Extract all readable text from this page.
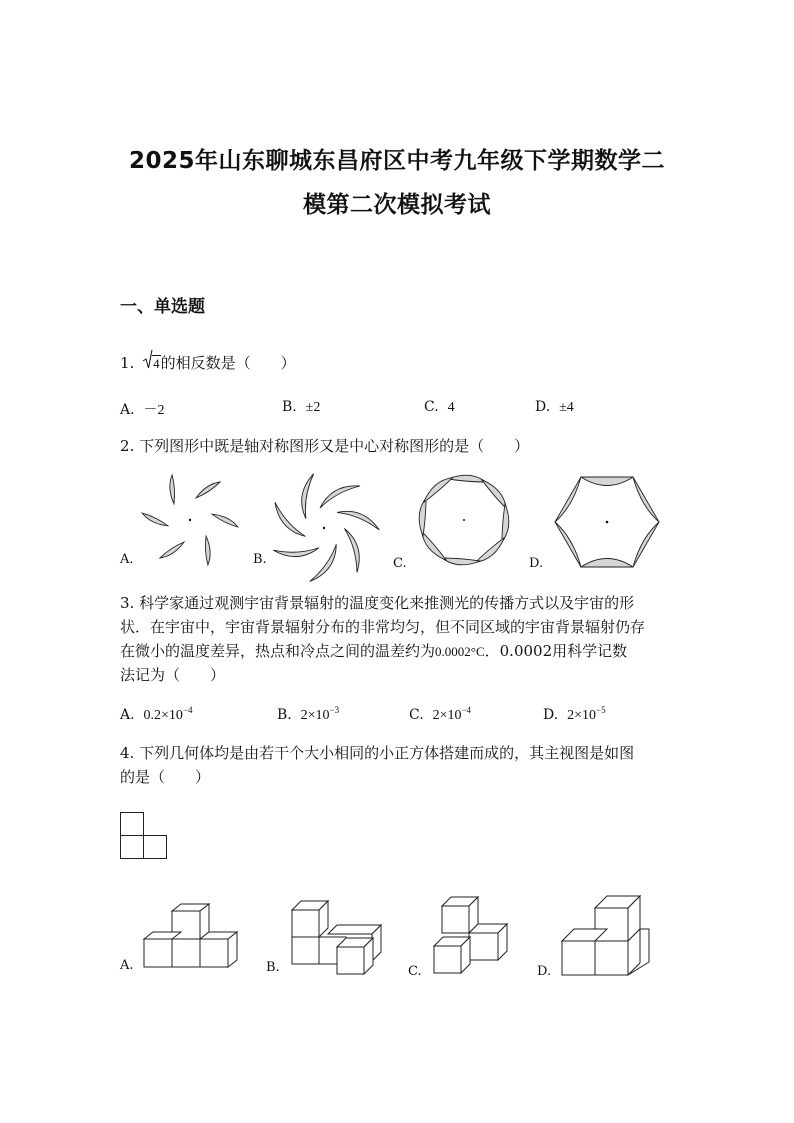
2025年山东聊城东昌府区中考九年级下学期数学二
模第二次模拟考试
一、单选题
1. 4的相反数是（　　）
A. －2	B. ±2	C. 4	D. ±4
2. 下列图形中既是轴对称图形又是中心对称图形的是（　　）
A.	B.	C.	D.
3. 科学家通过观测宇宙背景辐射的温度变化来推测光的传播方式以及宇宙的形
状．在宇宙中，宇宙背景辐射分布的非常均匀，但不同区域的宇宙背景辐射仍存
在微小的温度差异，热点和冷点之间的温差约为0.0002°C．0.0002用科学记数
法记为（　　）
A. $0.2\times 10^{-4}$	B. $2\times 10^{-3}$	C. $2\times 10^{-4}$	D. $2\times 10^{-5}$
4. 下列几何体均是由若干个大小相同的小正方体搭建而成的，其主视图是如图
的是（　　）
A.	B.	C.	D.
